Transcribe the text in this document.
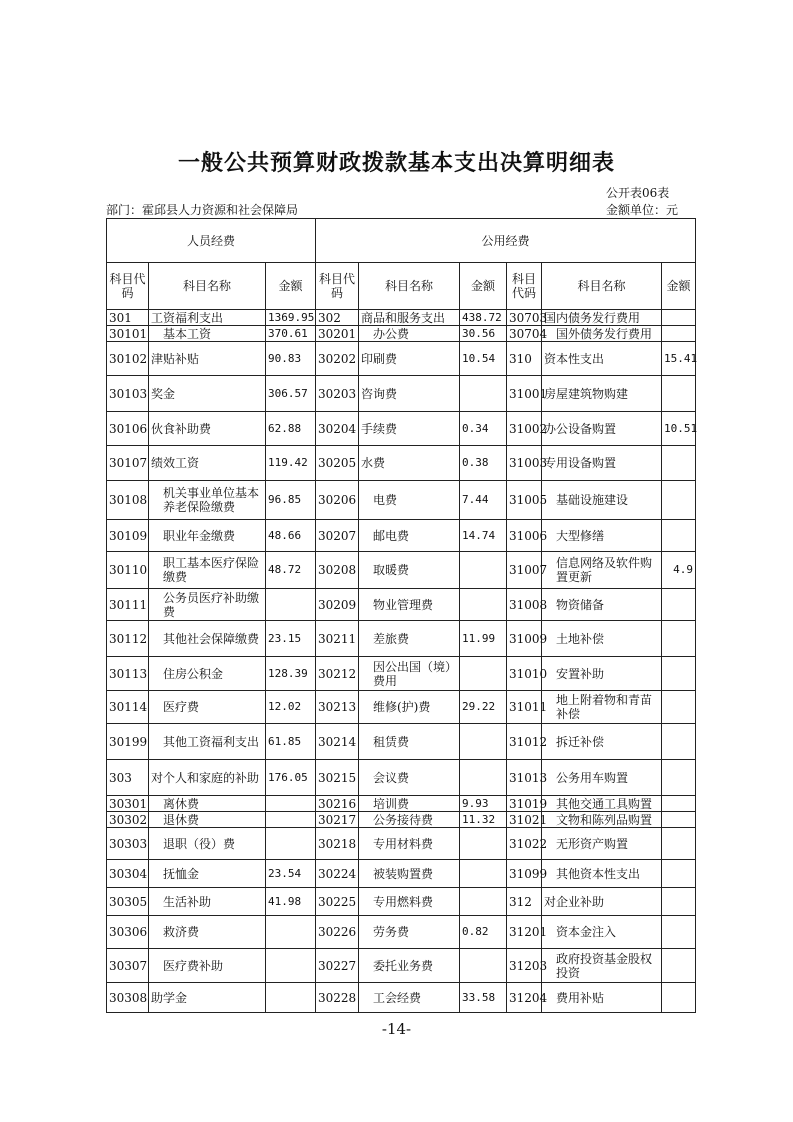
一般公共预算财政拨款基本支出决算明细表
公开表06表
部门：霍邱县人力资源和社会保障局	金额单位：元
人员经费			公用经费					
科目代码	科目名称	金额	科目代码	科目名称	金额	科目代码	科目名称	金额
301	工资福利支出	1369.95	302	商品和服务支出	438.72	30703	国内债务发行费用	
30101	基本工资	370.61	30201	办公费	30.56	30704	国外债务发行费用	
30102	津贴补贴	90.83	30202	印刷费	10.54	310	资本性支出	15.41
30103	奖金	306.57	30203	咨询费		31001	房屋建筑物购建	
30106	伙食补助费	62.88	30204	手续费	0.34	31002	办公设备购置	10.51
30107	绩效工资	119.42	30205	水费	0.38	31003	专用设备购置	
30108	机关事业单位基本养老保险缴费	96.85	30206	电费	7.44	31005	基础设施建设	
30109	职业年金缴费	48.66	30207	邮电费	14.74	31006	大型修缮	
30110	职工基本医疗保险缴费	48.72	30208	取暖费		31007	信息网络及软件购置更新	4.9
30111	公务员医疗补助缴费		30209	物业管理费		31008	物资储备	
30112	其他社会保障缴费	23.15	30211	差旅费	11.99	31009	土地补偿	
30113	住房公积金	128.39	30212	因公出国（境）费用		31010	安置补助	
30114	医疗费	12.02	30213	维修(护)费	29.22	31011	地上附着物和青苗补偿	
30199	其他工资福利支出	61.85	30214	租赁费		31012	拆迁补偿	
303	对个人和家庭的补助	176.05	30215	会议费		31013	公务用车购置	
30301	离休费		30216	培训费	9.93	31019	其他交通工具购置	
30302	退休费		30217	公务接待费	11.32	31021	文物和陈列品购置	
30303	退职（役）费		30218	专用材料费		31022	无形资产购置	
30304	抚恤金	23.54	30224	被装购置费		31099	其他资本性支出	
30305	生活补助	41.98	30225	专用燃料费		312	对企业补助	
30306	救济费		30226	劳务费	0.82	31201	资本金注入	
30307	医疗费补助		30227	委托业务费		31203	政府投资基金股权投资	
30308	助学金		30228	工会经费	33.58	31204	费用补贴	
-14-
